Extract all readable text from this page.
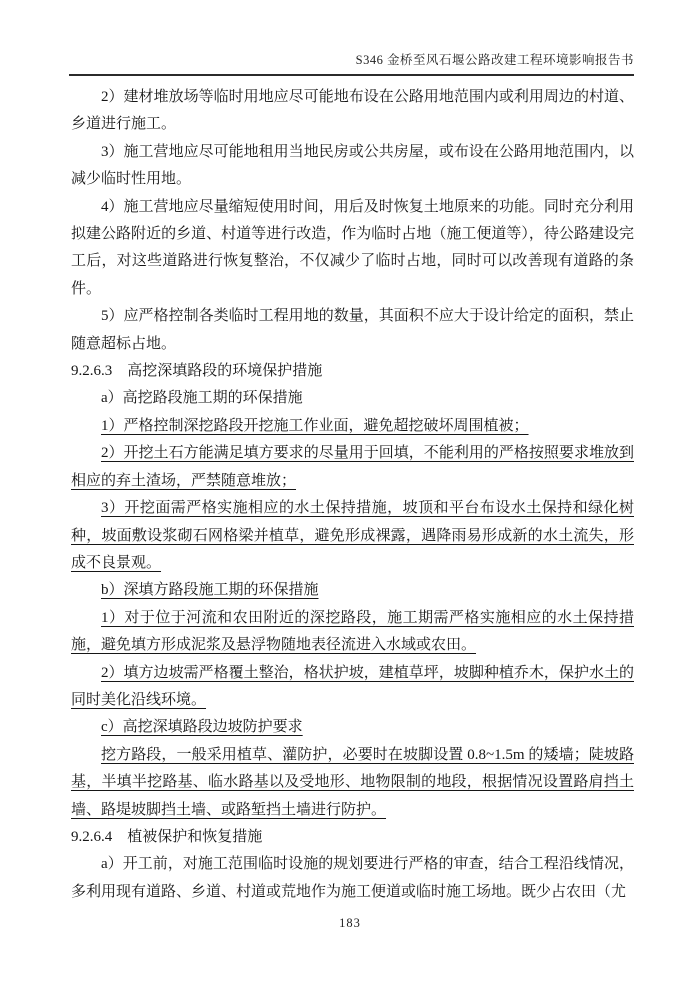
S346 金桥至风石堰公路改建工程环境影响报告书

2）建材堆放场等临时用地应尽可能地布设在公路用地范围内或利用周边的村道、乡道进行施工。

3）施工营地应尽可能地租用当地民房或公共房屋，或布设在公路用地范围内，以减少临时性用地。

4）施工营地应尽量缩短使用时间，用后及时恢复土地原来的功能。同时充分利用拟建公路附近的乡道、村道等进行改造，作为临时占地（施工便道等），待公路建设完工后，对这些道路进行恢复整治，不仅减少了临时占地，同时可以改善现有道路的条件。

5）应严格控制各类临时工程用地的数量，其面积不应大于设计给定的面积，禁止随意超标占地。

9.2.6.3　高挖深填路段的环境保护措施

a）高挖路段施工期的环保措施

1）严格控制深挖路段开挖施工作业面，避免超挖破坏周围植被；

2）开挖土石方能满足填方要求的尽量用于回填，不能利用的严格按照要求堆放到相应的弃土渣场，严禁随意堆放；

3）开挖面需严格实施相应的水土保持措施，坡顶和平台布设水土保持和绿化树种，坡面敷设浆砌石网格梁并植草，避免形成裸露，遇降雨易形成新的水土流失，形成不良景观。

b）深填方路段施工期的环保措施

1）对于位于河流和农田附近的深挖路段，施工期需严格实施相应的水土保持措施，避免填方形成泥浆及悬浮物随地表径流进入水域或农田。

2）填方边坡需严格覆土整治，格状护坡，建植草坪，坡脚种植乔木，保护水土的同时美化沿线环境。

c）高挖深填路段边坡防护要求

挖方路段，一般采用植草、灌防护，必要时在坡脚设置 0.8~1.5m 的矮墙；陡坡路基，半填半挖路基、临水路基以及受地形、地物限制的地段，根据情况设置路肩挡土墙、路堤坡脚挡土墙、或路堑挡土墙进行防护。

9.2.6.4　植被保护和恢复措施

a）开工前，对施工范围临时设施的规划要进行严格的审查，结合工程沿线情况，多利用现有道路、乡道、村道或荒地作为施工便道或临时施工场地。既少占农田（尤

183
